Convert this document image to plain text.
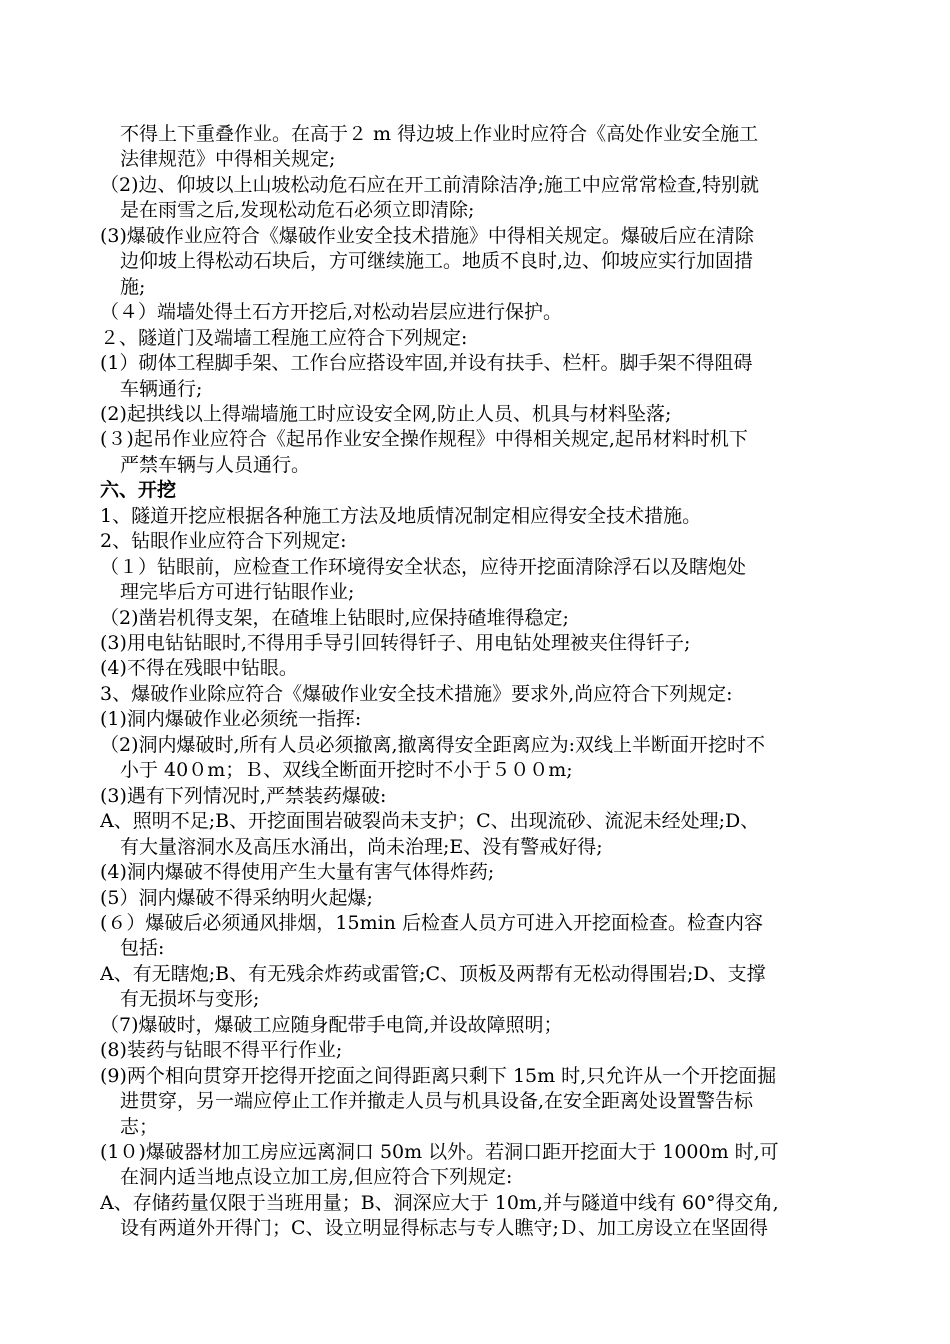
不得上下重叠作业。在高于２ m 得边坡上作业时应符合《高处作业安全施工
法律规范》中得相关规定;
（2)边、仰坡以上山坡松动危石应在开工前清除洁净;施工中应常常检查,特别就
是在雨雪之后,发现松动危石必须立即清除;
(3)爆破作业应符合《爆破作业安全技术措施》中得相关规定。爆破后应在清除
边仰坡上得松动石块后，方可继续施工。地质不良时,边、仰坡应实行加固措
施;
（４）端墙处得土石方开挖后,对松动岩层应进行保护。
２、隧道门及端墙工程施工应符合下列规定:
(1）砌体工程脚手架、工作台应搭设牢固,并设有扶手、栏杆。脚手架不得阻碍
车辆通行;
(2)起拱线以上得端墙施工时应设安全网,防止人员、机具与材料坠落;
(３)起吊作业应符合《起吊作业安全操作规程》中得相关规定,起吊材料时机下
严禁车辆与人员通行。
六、开挖
1、隧道开挖应根据各种施工方法及地质情况制定相应得安全技术措施。
2、钻眼作业应符合下列规定:
（１）钻眼前，应检查工作环境得安全状态，应待开挖面清除浮石以及瞎炮处
理完毕后方可进行钻眼作业;
（2)凿岩机得支架，在碴堆上钻眼时,应保持碴堆得稳定;
(3)用电钻钻眼时,不得用手导引回转得钎子、用电钻处理被夹住得钎子;
(4)不得在残眼中钻眼。
3、爆破作业除应符合《爆破作业安全技术措施》要求外,尚应符合下列规定:
(1)洞内爆破作业必须统一指挥:
（2)洞内爆破时,所有人员必须撤离,撤离得安全距离应为:双线上半断面开挖时不
小于 40０m；Ｂ、双线全断面开挖时不小于５００m;
(3)遇有下列情况时,严禁装药爆破:
A、照明不足;B、开挖面围岩破裂尚未支护；C、出现流砂、流泥未经处理;D、
有大量溶洞水及高压水涌出，尚未治理;E、没有警戒好得;
(4)洞内爆破不得使用产生大量有害气体得炸药;
(5）洞内爆破不得采纳明火起爆;
(６）爆破后必须通风排烟，15min 后检查人员方可进入开挖面检查。检查内容
包括:
A、有无瞎炮;B、有无残余炸药或雷管;C、顶板及两帮有无松动得围岩;D、支撑
有无损坏与变形;
（7)爆破时，爆破工应随身配带手电筒,并设故障照明；
(8)装药与钻眼不得平行作业;
(9)两个相向贯穿开挖得开挖面之间得距离只剩下 15m 时,只允许从一个开挖面掘
进贯穿，另一端应停止工作并撤走人员与机具设备,在安全距离处设置警告标
志；
(1０)爆破器材加工房应远离洞口 50m 以外。若洞口距开挖面大于 1000m 时,可
在洞内适当地点设立加工房,但应符合下列规定:
A、存储药量仅限于当班用量；B、洞深应大于 10m,并与隧道中线有 60°得交角,
设有两道外开得门；C、设立明显得标志与专人瞧守;Ｄ、加工房设立在坚固得
